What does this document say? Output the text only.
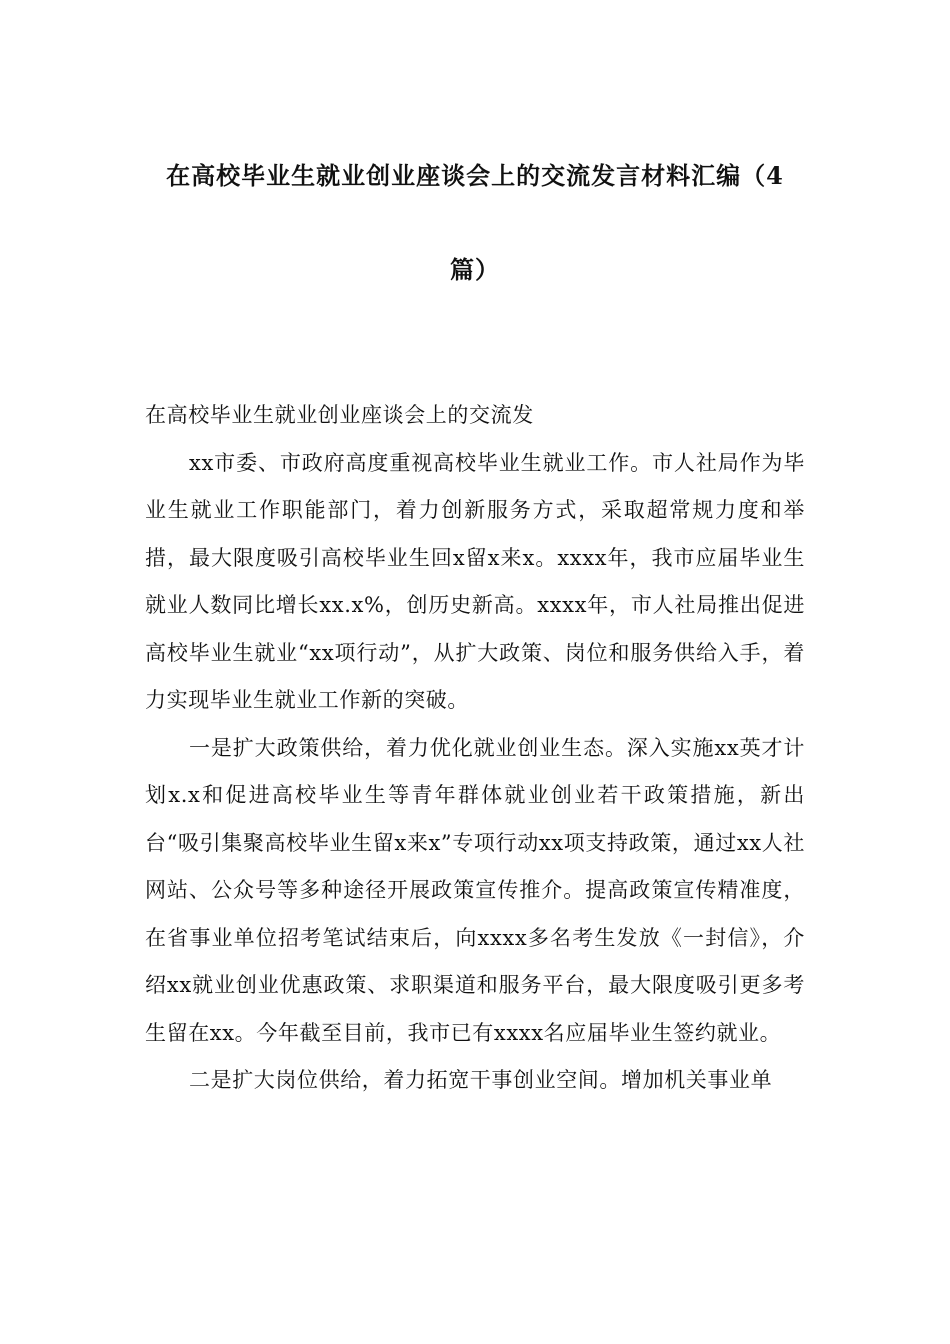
在高校毕业生就业创业座谈会上的交流发言材料汇编（4
篇）

在高校毕业生就业创业座谈会上的交流发

xx市委、市政府高度重视高校毕业生就业工作。市人社局作为毕业生就业工作职能部门，着力创新服务方式，采取超常规力度和举措，最大限度吸引高校毕业生回x留x来x。xxxx年，我市应届毕业生就业人数同比增长xx.x%，创历史新高。xxxx年，市人社局推出促进高校毕业生就业“xx项行动”，从扩大政策、岗位和服务供给入手，着力实现毕业生就业工作新的突破。

一是扩大政策供给，着力优化就业创业生态。深入实施xx英才计划x.x和促进高校毕业生等青年群体就业创业若干政策措施，新出台“吸引集聚高校毕业生留x来x”专项行动xx项支持政策，通过xx人社网站、公众号等多种途径开展政策宣传推介。提高政策宣传精准度，在省事业单位招考笔试结束后，向xxxx多名考生发放《一封信》，介绍xx就业创业优惠政策、求职渠道和服务平台，最大限度吸引更多考生留在xx。今年截至目前，我市已有xxxx名应届毕业生签约就业。

二是扩大岗位供给，着力拓宽干事创业空间。增加机关事业单
